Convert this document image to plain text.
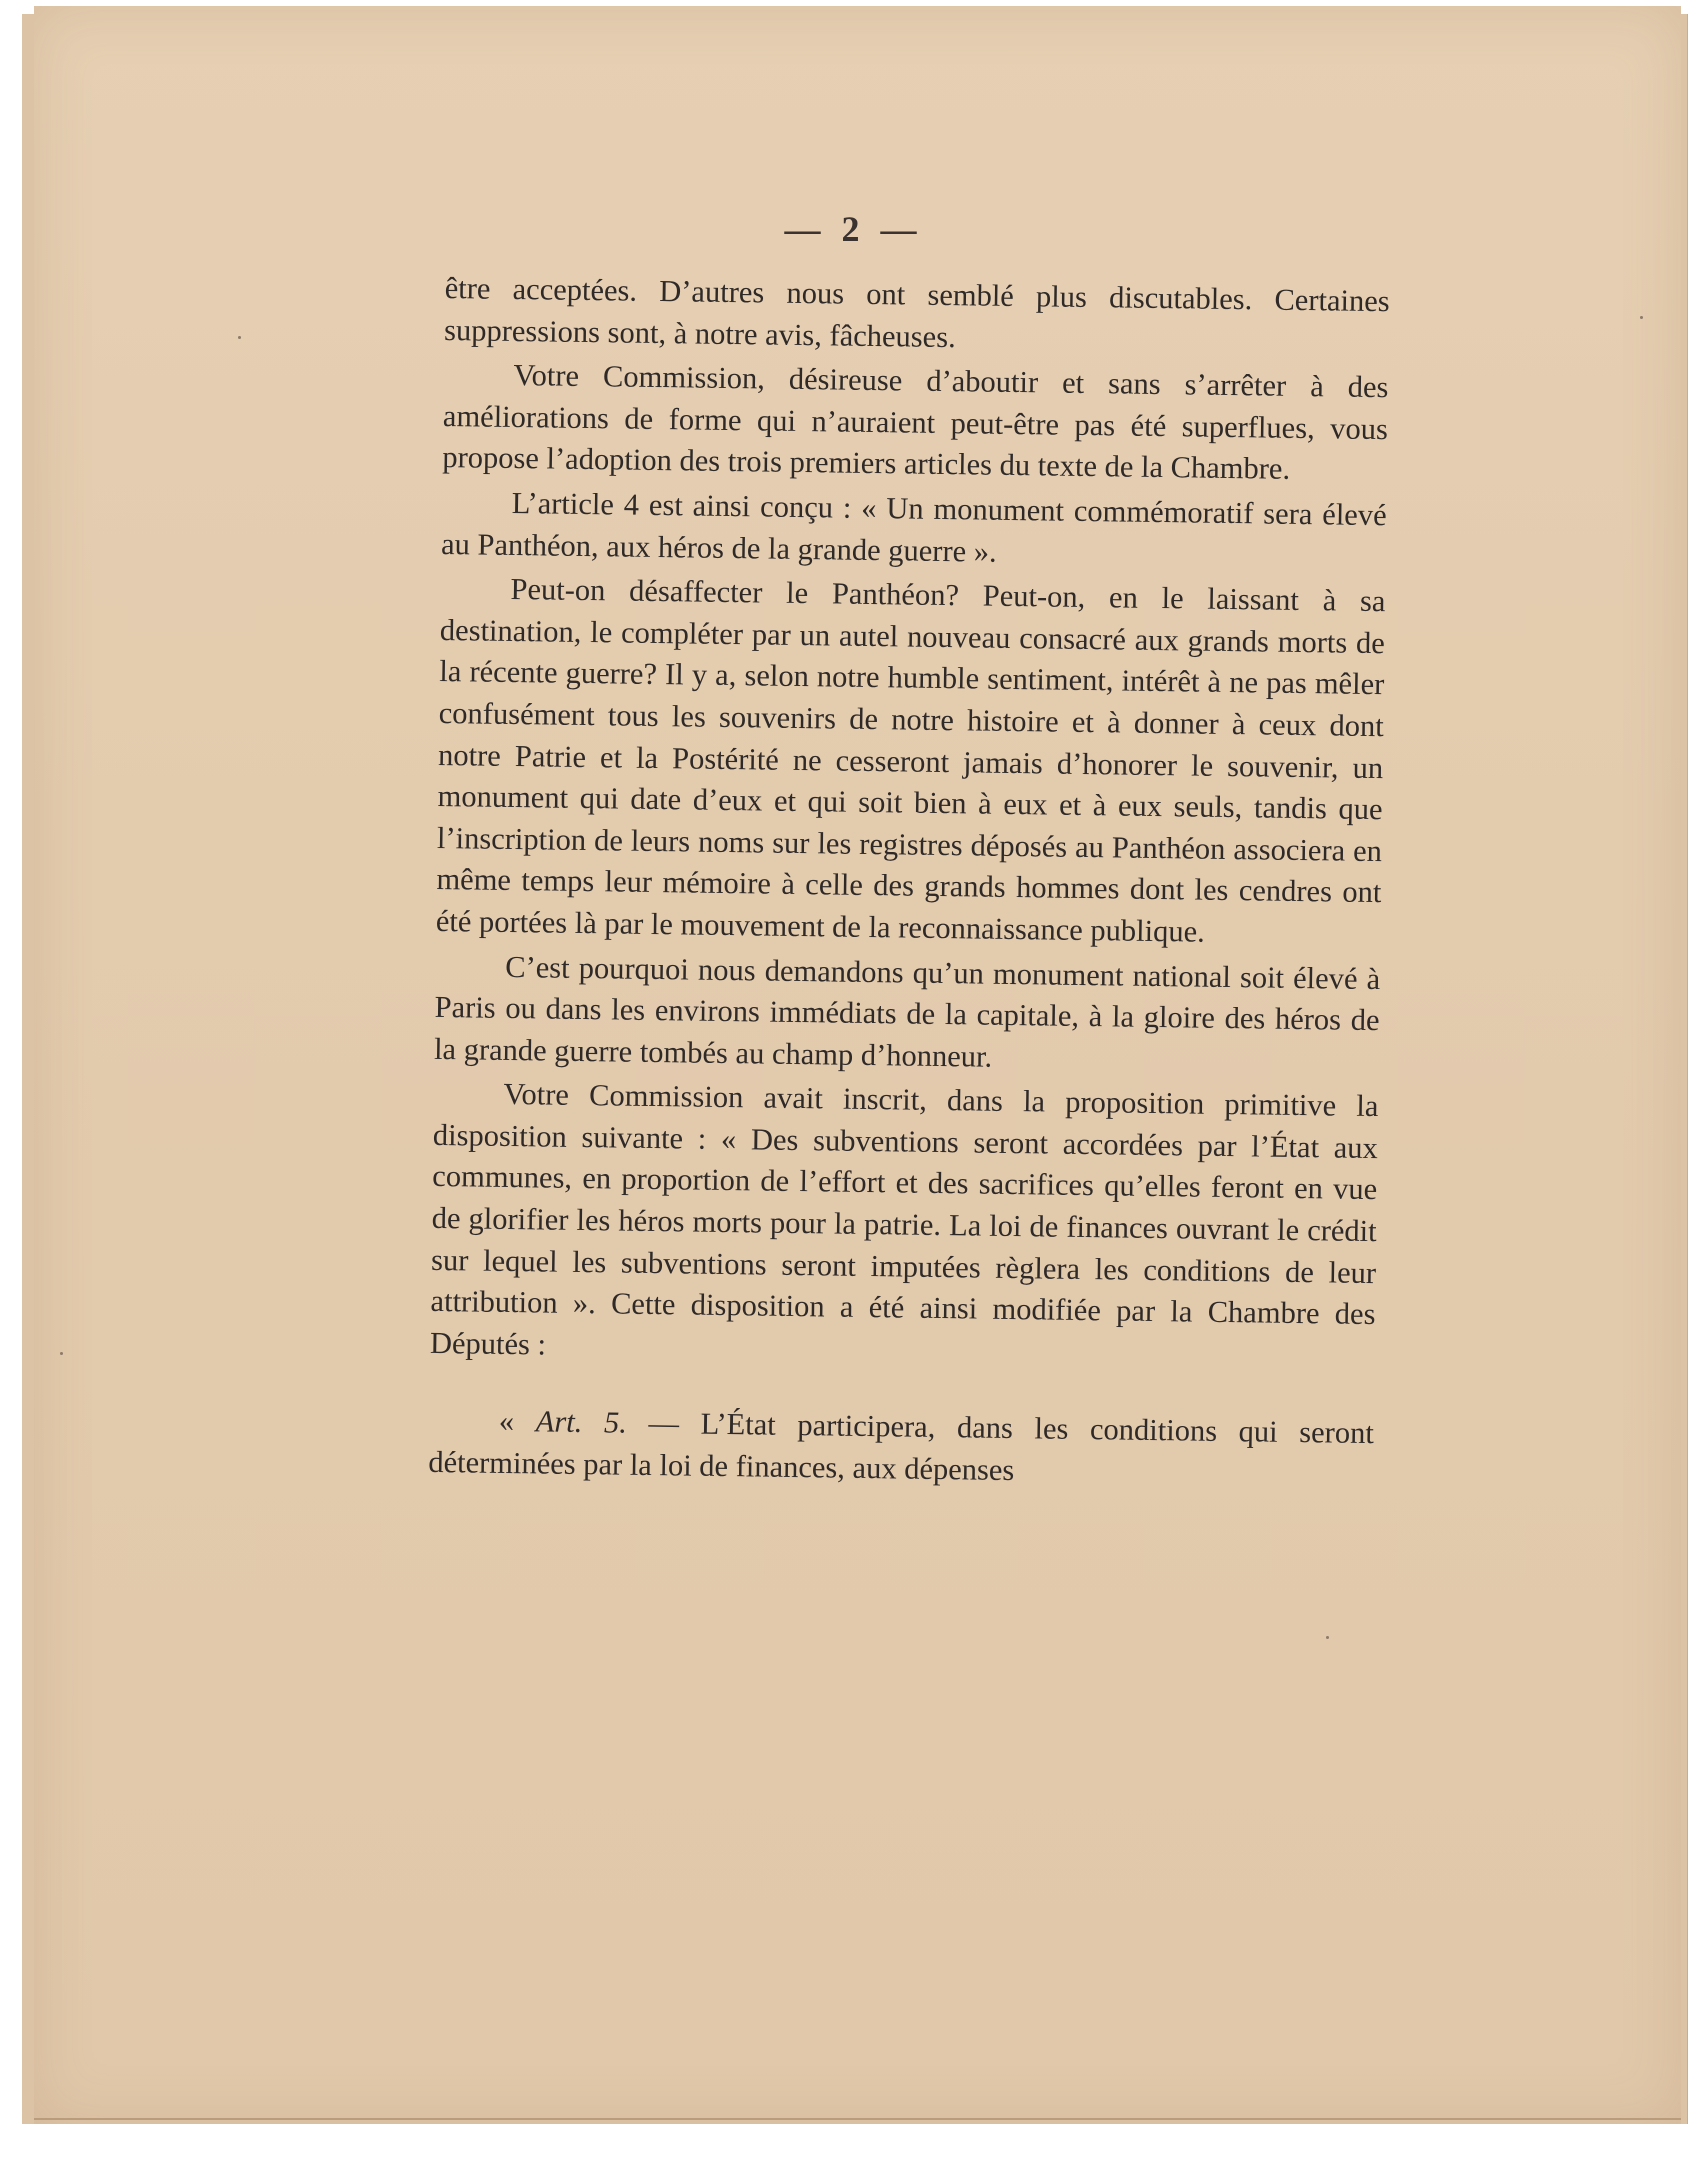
— 2 —

être acceptées. D’autres nous ont semblé plus discutables. Certaines suppressions sont, à notre avis, fâcheuses.

Votre Commission, désireuse d’aboutir et sans s’arrêter à des améliorations de forme qui n’auraient peut-être pas été superflues, vous propose l’adoption des trois premiers articles du texte de la Chambre.

L’article 4 est ainsi conçu : « Un monument commémoratif sera élevé au Panthéon, aux héros de la grande guerre ».

Peut-on désaffecter le Panthéon? Peut-on, en le laissant à sa destination, le compléter par un autel nouveau consacré aux grands morts de la récente guerre? Il y a, selon notre humble sentiment, intérêt à ne pas mêler confusément tous les souvenirs de notre histoire et à donner à ceux dont notre Patrie et la Postérité ne cesseront jamais d’honorer le souvenir, un monument qui date d’eux et qui soit bien à eux et à eux seuls, tandis que l’inscription de leurs noms sur les registres déposés au Panthéon associera en même temps leur mémoire à celle des grands hommes dont les cendres ont été portées là par le mouvement de la reconnaissance publique.

C’est pourquoi nous demandons qu’un monument national soit élevé à Paris ou dans les environs immédiats de la capitale, à la gloire des héros de la grande guerre tombés au champ d’honneur.

Votre Commission avait inscrit, dans la proposition primitive la disposition suivante : « Des subventions seront accordées par l’État aux communes, en proportion de l’effort et des sacrifices qu’elles feront en vue de glorifier les héros morts pour la patrie. La loi de finances ouvrant le crédit sur lequel les subventions seront imputées règlera les conditions de leur attribution ». Cette disposition a été ainsi modifiée par la Chambre des Députés :

« Art. 5. — L’État participera, dans les conditions qui seront déterminées par la loi de finances, aux dépenses
